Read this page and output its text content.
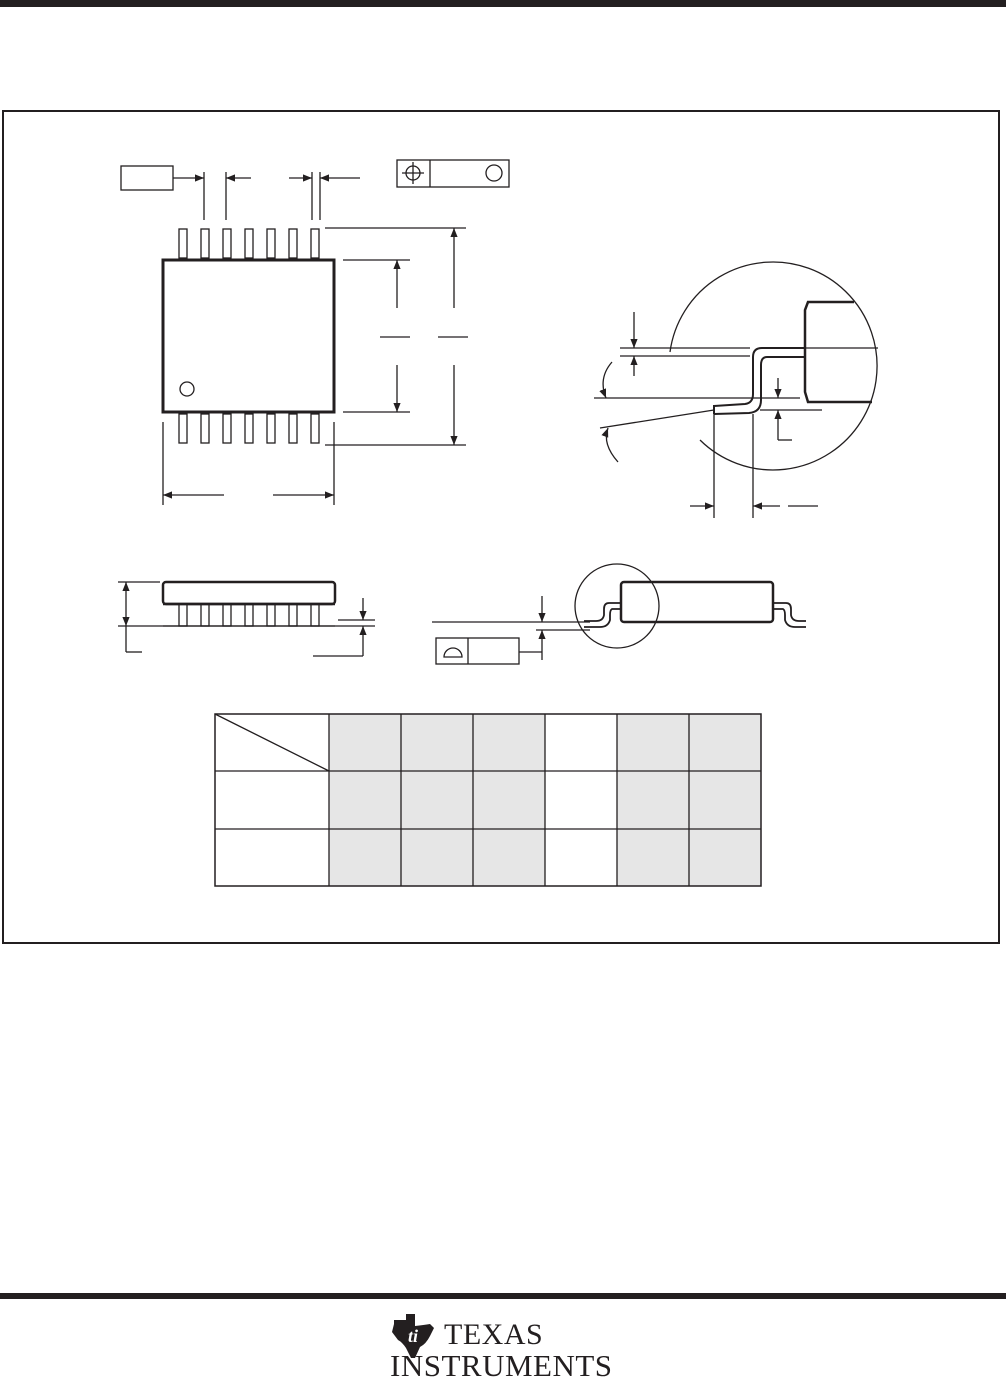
ti TEXAS
INSTRUMENTS
